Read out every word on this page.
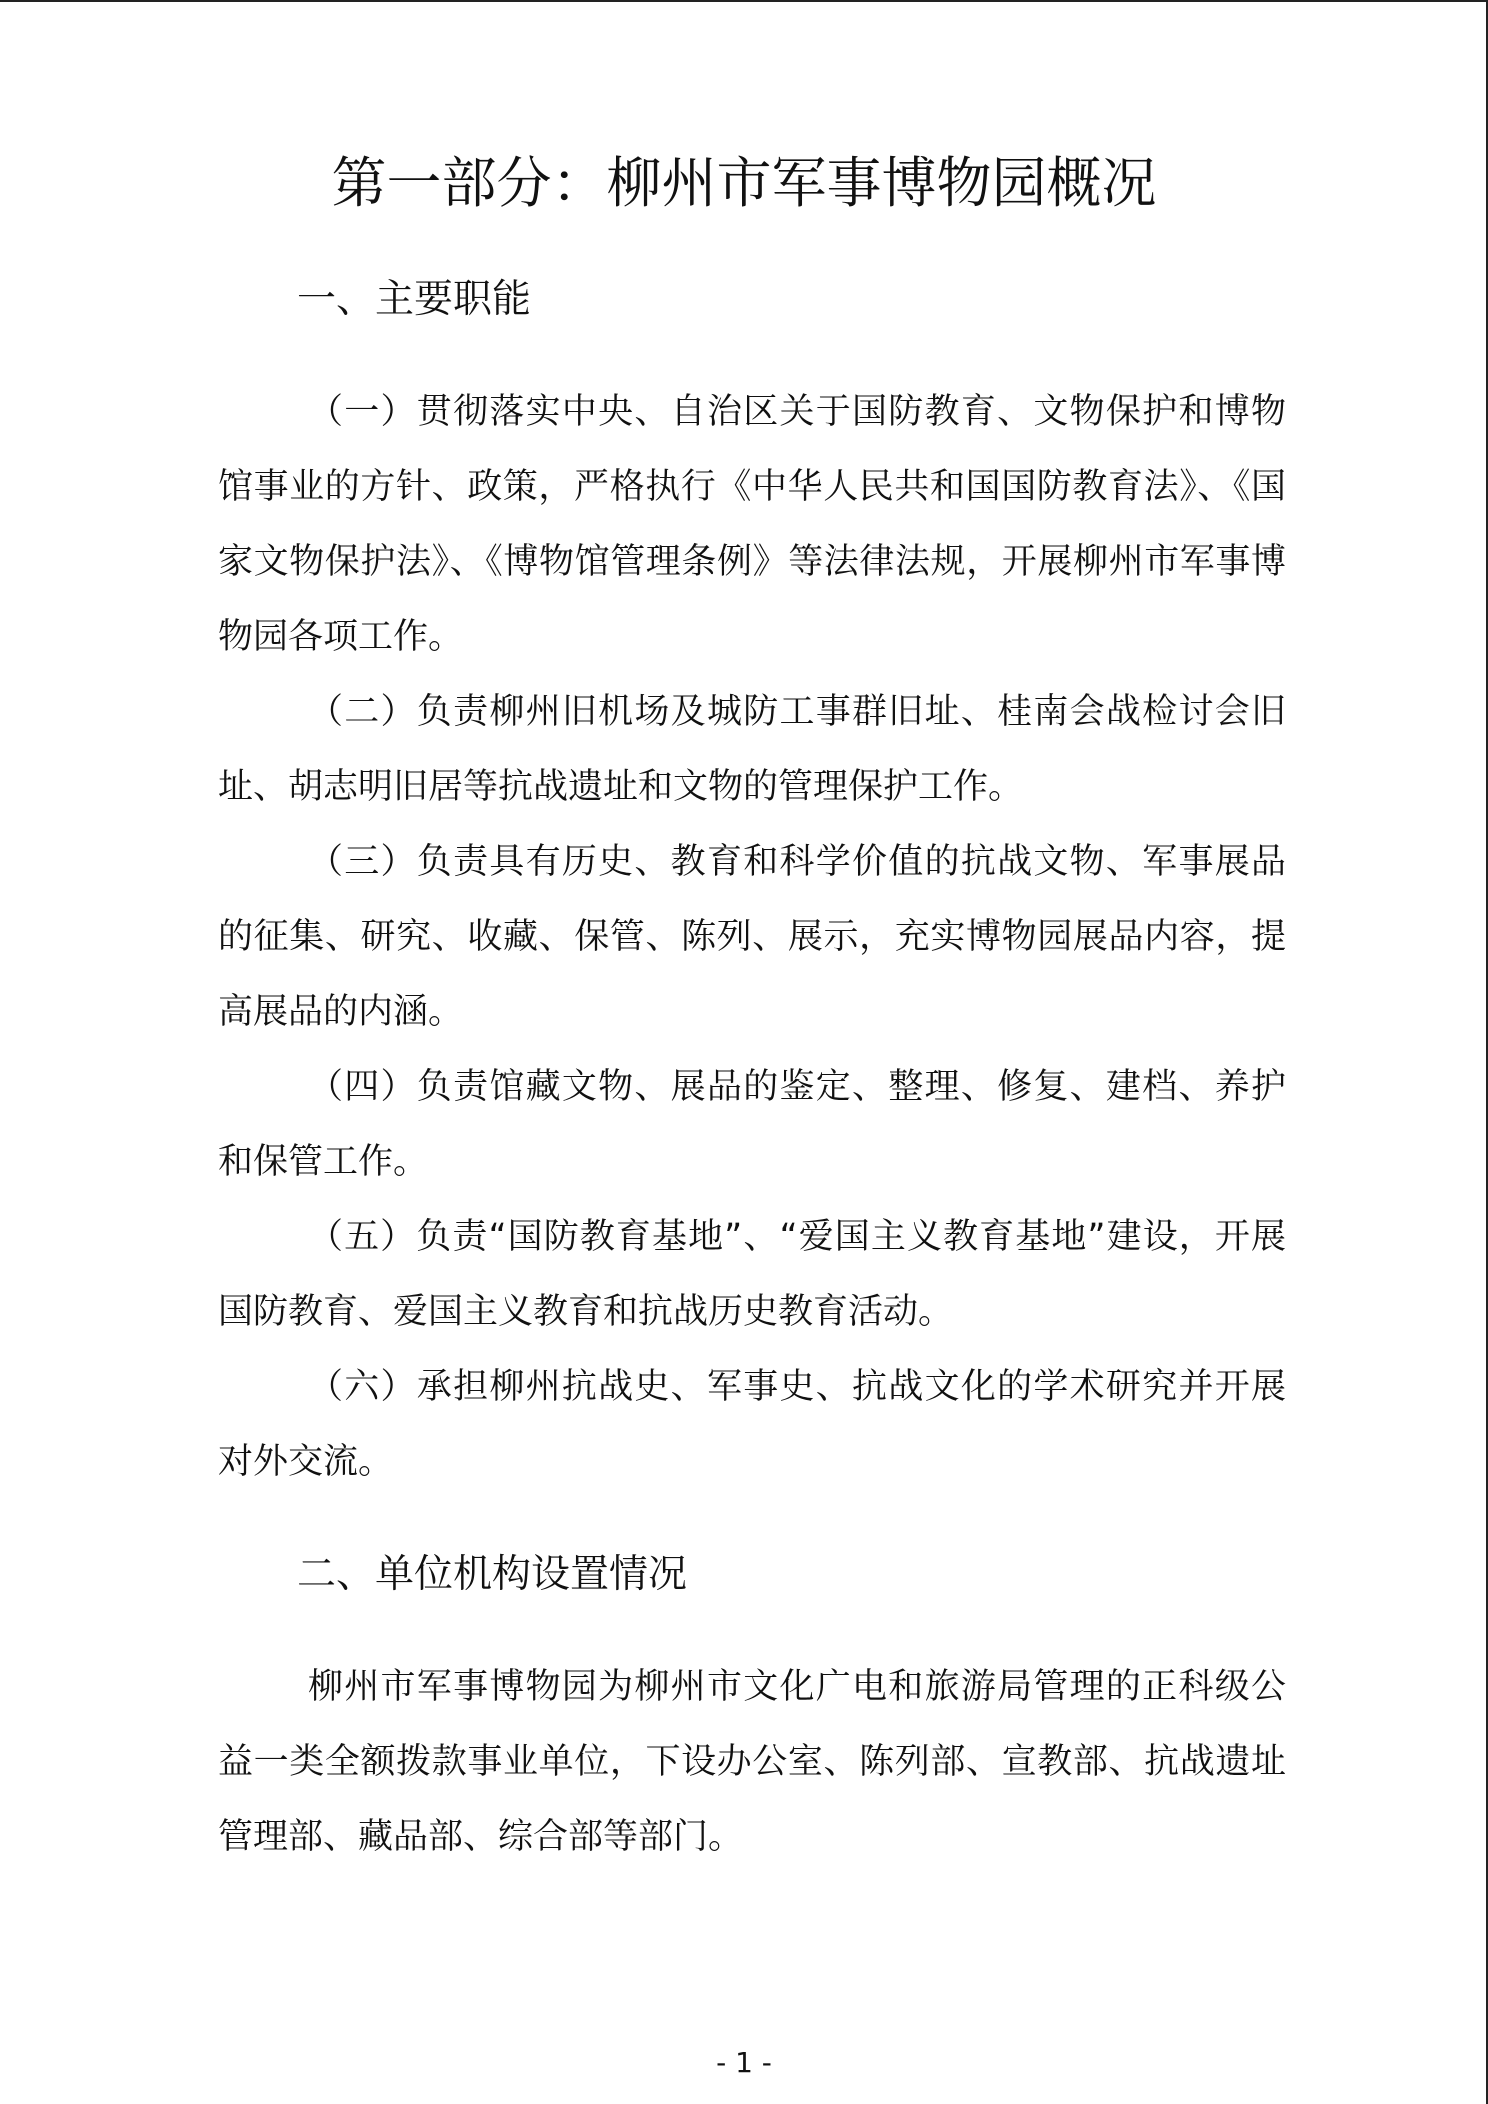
第一部分：柳州市军事博物园概况
一、主要职能

（一）贯彻落实中央、自治区关于国防教育、文物保护和博物馆事业的方针、政策，严格执行《中华人民共和国国防教育法》、《国家文物保护法》、《博物馆管理条例》等法律法规，开展柳州市军事博物园各项工作。

（二）负责柳州旧机场及城防工事群旧址、桂南会战检讨会旧址、胡志明旧居等抗战遗址和文物的管理保护工作。

（三）负责具有历史、教育和科学价值的抗战文物、军事展品的征集、研究、收藏、保管、陈列、展示，充实博物园展品内容，提高展品的内涵。

（四）负责馆藏文物、展品的鉴定、整理、修复、建档、养护和保管工作。

（五）负责“国防教育基地”、“爱国主义教育基地”建设，开展国防教育、爱国主义教育和抗战历史教育活动。

（六）承担柳州抗战史、军事史、抗战文化的学术研究并开展对外交流。

二、单位机构设置情况

柳州市军事博物园为柳州市文化广电和旅游局管理的正科级公益一类全额拨款事业单位，下设办公室、陈列部、宣教部、抗战遗址管理部、藏品部、综合部等部门。

- 1 -
